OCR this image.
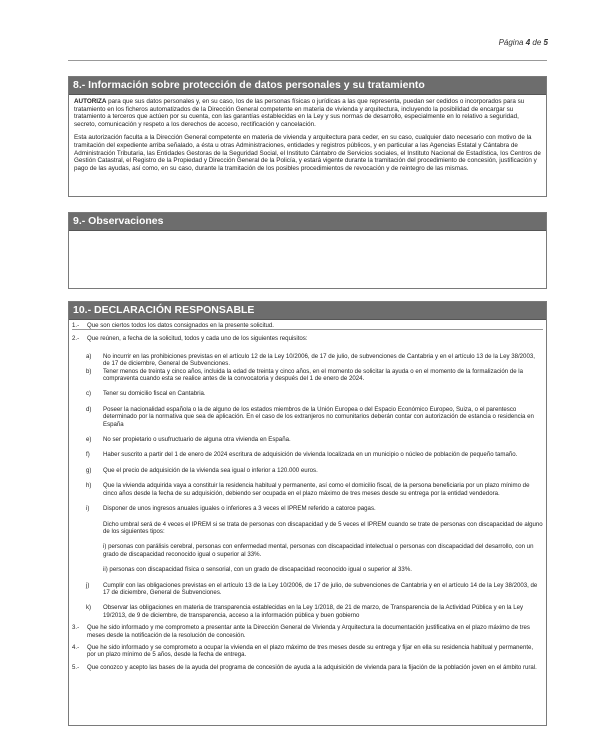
Página 4 de 5
8.- Información sobre protección de datos personales y su tratamiento

AUTORIZA para que sus datos personales y, en su caso, los de las personas físicas o jurídicas a las que representa, puedan ser cedidos o incorporados para su tratamiento en los ficheros automatizados de la Dirección General competente en materia de vivienda y arquitectura, incluyendo la posibilidad de encargar su tratamiento a terceros que actúen por su cuenta, con las garantías establecidas en la Ley y sus normas de desarrollo, especialmente en lo relativo a seguridad, secreto, comunicación y respeto a los derechos de acceso, rectificación y cancelación.

Esta autorización faculta a la Dirección General competente en materia de vivienda y arquitectura para ceder, en su caso, cualquier dato necesario con motivo de la tramitación del expediente arriba señalado, a ésta u otras Administraciones, entidades y registros públicos, y en particular a las Agencias Estatal y Cántabra de Administración Tributaria, las Entidades Gestoras de la Seguridad Social, el Instituto Cántabro de Servicios sociales, el Instituto Nacional de Estadística, los Centros de Gestión Catastral, el Registro de la Propiedad y Dirección General de la Policía, y estará vigente durante la tramitación del procedimiento de concesión, justificación y pago de las ayudas, así como, en su caso, durante la tramitación de los posibles procedimientos de revocación y de reintegro de las mismas.

9.- Observaciones
10.- DECLARACIÓN RESPONSABLE
1.-	Que son ciertos todos los datos consignados en la presente solicitud.
2.-	Que reúnen, a fecha de la solicitud, todos y cada uno de los siguientes requisitos:
a)	No incurrir en las prohibiciones previstas en el artículo 12 de la Ley 10/2006, de 17 de julio, de subvenciones de Cantabria y en el artículo 13 de la Ley 38/2003, de 17 de diciembre, General de Subvenciones.
b)	Tener menos de treinta y cinco años, incluida la edad de treinta y cinco años, en el momento de solicitar la ayuda o en el momento de la formalización de la compraventa cuando esta se realice antes de la convocatoria y después del 1 de enero de 2024.
c)	Tener su domicilio fiscal en Cantabria.
d)	Poseer la nacionalidad española o la de alguno de los estados miembros de la Unión Europea o del Espacio Económico Europeo, Suiza, o el parentesco determinado por la normativa que sea de aplicación. En el caso de los extranjeros no comunitarios deberán contar con autorización de estancia o residencia en España
e)	No ser propietario o usufructuario de alguna otra vivienda en España.
f)	Haber suscrito a partir del 1 de enero de 2024 escritura de adquisición de vivienda localizada en un municipio o núcleo de población de pequeño tamaño.
g)	Que el precio de adquisición de la vivienda sea igual o inferior a 120.000 euros.
h)	Que la vivienda adquirida vaya a constituir la residencia habitual y permanente, así como el domicilio fiscal, de la persona beneficiaria por un plazo mínimo de cinco años desde la fecha de su adquisición, debiendo ser ocupada en el plazo máximo de tres meses desde su entrega por la entidad vendedora.
i)	Disponer de unos ingresos anuales iguales o inferiores a 3 veces el IPREM referido a catorce pagas.
Dicho umbral será de 4 veces el IPREM si se trata de personas con discapacidad y de 5 veces el IPREM cuando se trate de personas con discapacidad de alguno de los siguientes tipos:
i) personas con parálisis cerebral, personas con enfermedad mental, personas con discapacidad intelectual o personas con discapacidad del desarrollo, con un grado de discapacidad reconocido igual o superior al 33%.
ii) personas con discapacidad física o sensorial, con un grado de discapacidad reconocido igual o superior al 33%.
j)	Cumplir con las obligaciones previstas en el artículo 13 de la Ley 10/2006, de 17 de julio, de subvenciones de Cantabria y en el artículo 14 de la Ley 38/2003, de 17 de diciembre, General de Subvenciones.
k)	Observar las obligaciones en materia de transparencia establecidas en la Ley 1/2018, de 21 de marzo, de Transparencia de la Actividad Pública y en la Ley 19/2013, de 9 de diciembre, de transparencia, acceso a la información pública y buen gobierno
3.-	Que he sido informado y me comprometo a presentar ante la Dirección General de Vivienda y Arquitectura la documentación justificativa en el plazo máximo de tres meses desde la notificación de la resolución de concesión.
4.-	Que he sido informado y se comprometo a ocupar la vivienda en el plazo máximo de tres meses desde su entrega y fijar en ella su residencia habitual y permanente, por un plazo mínimo de 5 años, desde la fecha de entrega.
5.-	Que conozco y acepto las bases de la ayuda del programa de concesión de ayuda a la adquisición de vivienda para la fijación de la población joven en el ámbito rural.
